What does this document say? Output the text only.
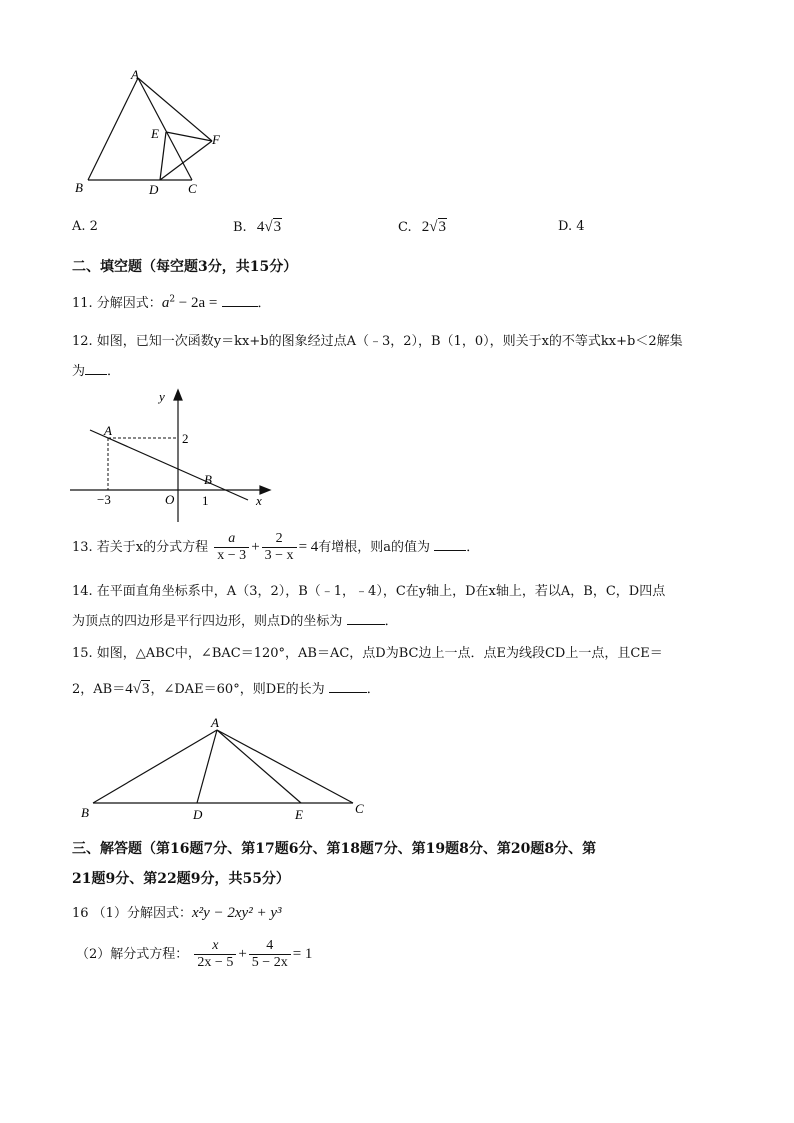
A
B	C
D
E	F
A. 2	B. 4√3	C. 2√3	D. 4
二、填空题（每空题3分，共15分）
11. 分解因式：$a^2 - 2a$ =	．
12. 如图，已知一次函数y＝kx+b的图象经过点A（﹣3，2），B（1，0），则关于x的不等式kx+b＜2解集
为 ．
y
x
A
B
O
2
−3	1
13. 若关于x的分式方程 $\frac{a}{x - 3} + \frac{2}{3 - x} = 4$有增根，则a的值为	．
14. 在平面直角坐标系中，A（3，2），B（﹣1，﹣4），C在y轴上，D在x轴上，若以A，B，C，D四点
为顶点的四边形是平行四边形，则点D的坐标为	．
15. 如图，△ABC中，∠BAC＝120°，AB＝AC，点D为BC边上一点．点E为线段CD上一点，且CE＝
2，AB＝4√3，∠DAE＝60°，则DE的长为	．
A
B	C
D	E
三、解答题（第16题7分、第17题6分、第18题7分、第19题8分、第20题8分、第
21题9分、第22题9分，共55分）
16 （1）分解因式：x²y − 2xy² + y³
（2）解分式方程： $\frac{x}{2x - 5} + \frac{4}{5 - 2x} = 1$
